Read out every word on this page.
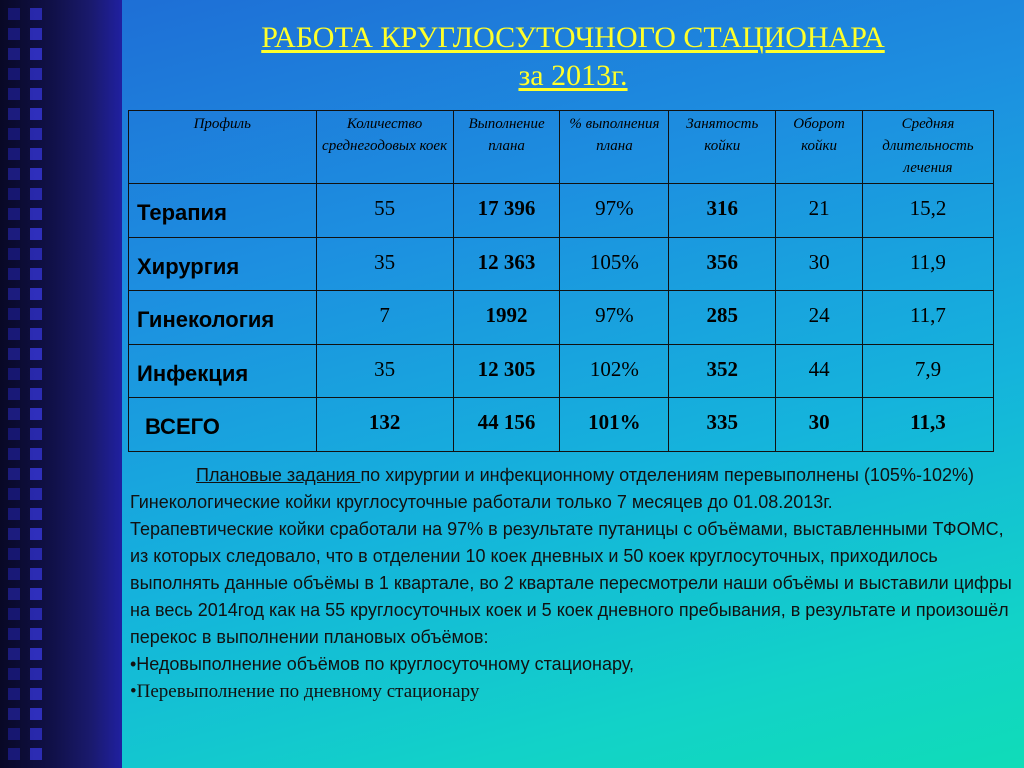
РАБОТА КРУГЛОСУТОЧНОГО СТАЦИОНАРА
за 2013г.
Профиль	Количество среднегодовых коек	Выполнение плана	% выполнения плана	Занятость койки	Оборот койки	Средняя длительность лечения
Терапия	55	17 396	97%	316	21	15,2
Хирургия	35	12 363	105%	356	30	11,9
Гинекология	7	1992	97%	285	24	11,7
Инфекция	35	12 305	102%	352	44	7,9
ВСЕГО	132	44 156	101%	335	30	11,3

Плановые задания по хирургии и инфекционному отделениям перевыполнены (105%-102%)

Гинекологические койки круглосуточные работали только 7 месяцев до 01.08.2013г.

Терапевтические койки сработали на 97% в результате путаницы с объёмами, выставленными ТФОМС, из которых следовало, что в отделении 10 коек дневных и 50 коек круглосуточных, приходилось выполнять данные объёмы в 1 квартале, во 2 квартале пересмотрели наши объёмы и выставили цифры на весь 2014год как на 55 круглосуточных коек и 5 коек дневного пребывания, в результате и произошёл перекос в выполнении плановых объёмов:

•Недовыполнение объёмов по круглосуточному стационару,

•Перевыполнение по дневному стационару
